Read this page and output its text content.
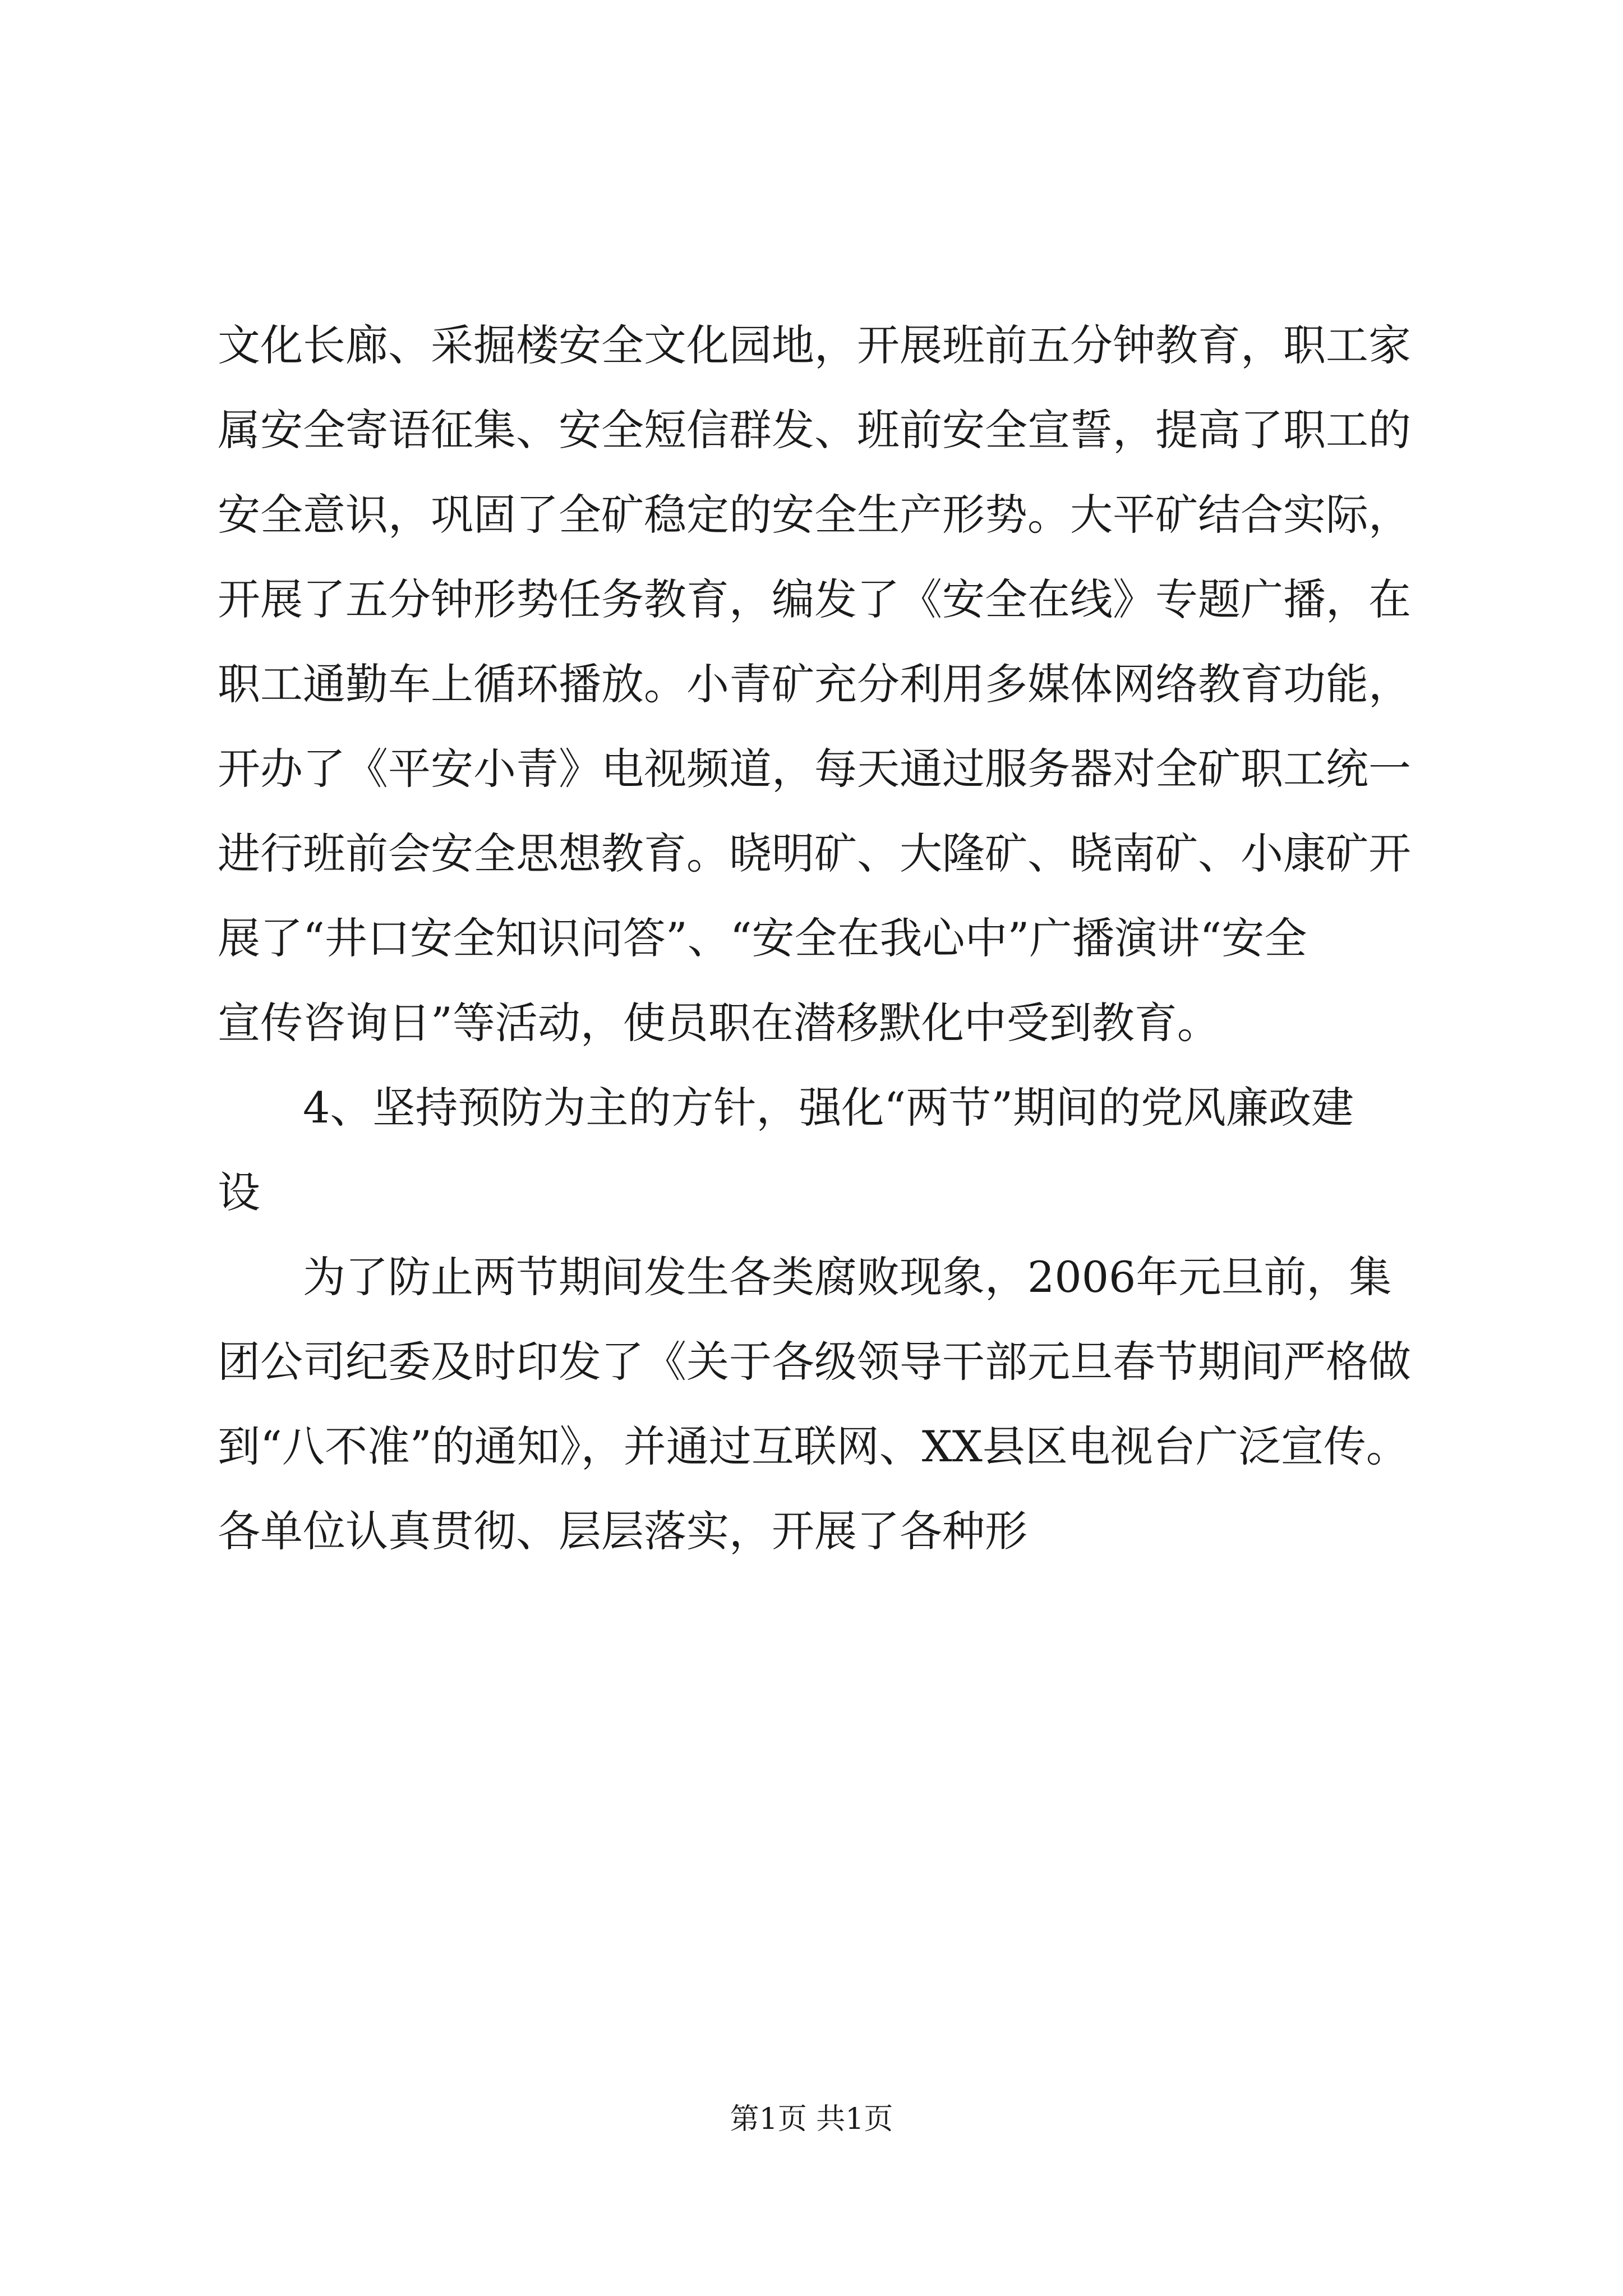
文化长廊、采掘楼安全文化园地，开展班前五分钟教育，职工家
属安全寄语征集、安全短信群发、班前安全宣誓，提高了职工的
安全意识，巩固了全矿稳定的安全生产形势。大平矿结合实际，
开展了五分钟形势任务教育，编发了《安全在线》专题广播，在
职工通勤车上循环播放。小青矿充分利用多媒体网络教育功能，
开办了《平安小青》电视频道，每天通过服务器对全矿职工统一
进行班前会安全思想教育。晓明矿、大隆矿、晓南矿、小康矿开
展了“井口安全知识问答”、“安全在我心中”广播演讲“安全
宣传咨询日”等活动，使员职在潜移默化中受到教育。
4、坚持预防为主的方针，强化“两节”期间的党风廉政建
设
为了防止两节期间发生各类腐败现象，2006年元旦前，集
团公司纪委及时印发了《关于各级领导干部元旦春节期间严格做
到“八不准”的通知》，并通过互联网、XX县区电视台广泛宣传。
各单位认真贯彻、层层落实，开展了各种形
第1页 共1页
